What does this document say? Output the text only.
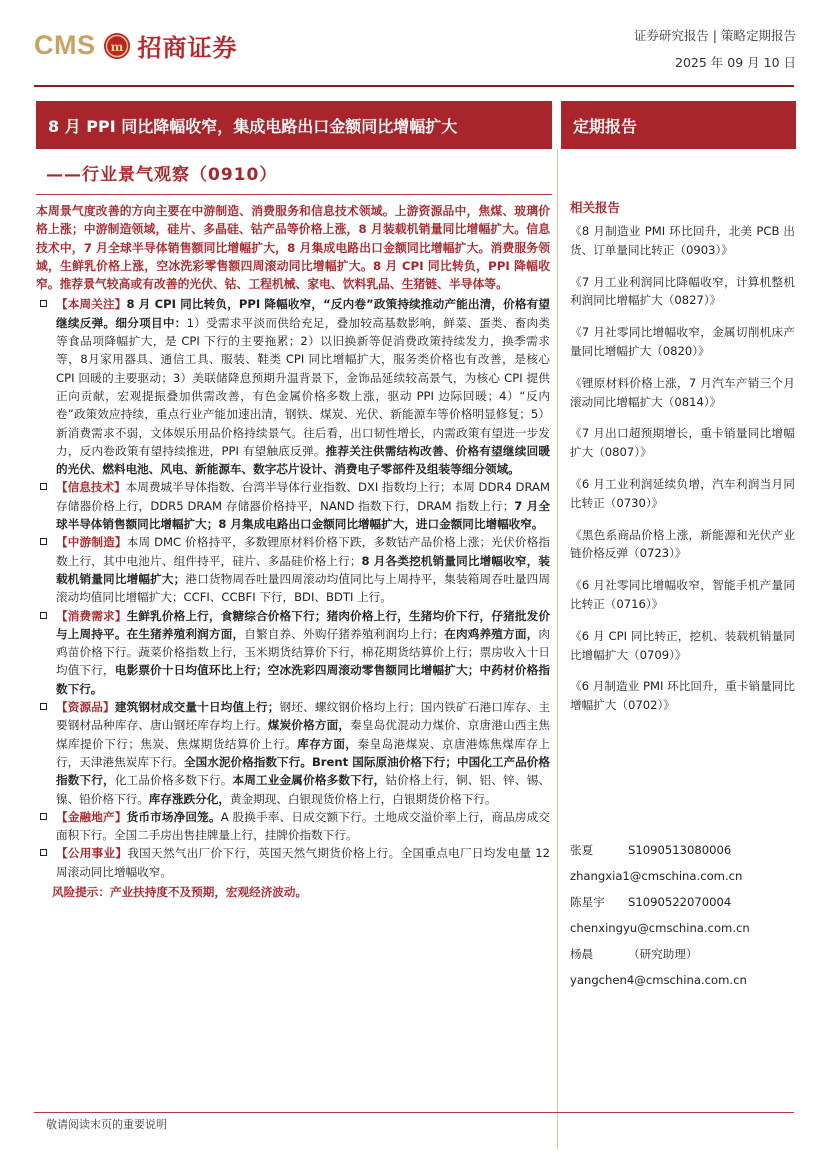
CMS m 招商证券	证券研究报告 | 策略定期报告
2025 年 09 月 10 日
8 月 PPI 同比降幅收窄，集成电路出口金额同比增幅扩大	定期报告
——行业景气观察（0910）

本周景气度改善的方向主要在中游制造、消费服务和信息技术领域。上游资源品中，焦煤、玻璃价格上涨；中游制造领域，硅片、多晶硅、钴产品等价格上涨，8 月装载机销量同比增幅扩大。信息技术中，7 月全球半导体销售额同比增幅扩大，8 月集成电路出口金额同比增幅扩大。消费服务领域，生鲜乳价格上涨，空冰洗彩零售额四周滚动同比增幅扩大。8 月 CPI 同比转负，PPI 降幅收窄。推荐景气较高或有改善的光伏、钴、工程机械、家电、饮料乳品、生猪链、半导体等。

【本周关注】8 月 CPI 同比转负，PPI 降幅收窄，“反内卷”政策持续推动产能出清，价格有望继续反弹。细分项目中：1）受需求平淡而供给充足，叠加较高基数影响，鲜菜、蛋类、畜肉类等食品项降幅扩大，是 CPI 下行的主要拖累；2）以旧换新等促消费政策持续发力，换季需求等，8月家用器具、通信工具、服装、鞋类 CPI 同比增幅扩大，服务类价格也有改善，是核心 CPI 回暖的主要驱动；3）美联储降息预期升温背景下，金饰品延续较高景气，为核心 CPI 提供正向贡献，宏观提振叠加供需改善，有色金属价格多数上涨，驱动 PPI 边际回暖；4）“反内卷”政策效应持续，重点行业产能加速出清，钢铁、煤炭、光伏、新能源车等价格明显修复；5）新消费需求不弱，文体娱乐用品价格持续景气。往后看，出口韧性增长，内需政策有望进一步发力，反内卷政策有望持续推进，PPI 有望触底反弹。推荐关注供需结构改善、价格有望继续回暖的光伏、燃料电池、风电、新能源车、数字芯片设计、消费电子零部件及组装等细分领域。

【信息技术】本周费城半导体指数、台湾半导体行业指数、DXI 指数均上行；本周 DDR4 DRAM 存储器价格上行，DDR5 DRAM 存储器价格持平，NAND 指数下行，DRAM 指数上行；7 月全球半导体销售额同比增幅扩大；8 月集成电路出口金额同比增幅扩大，进口金额同比增幅收窄。

【中游制造】本周 DMC 价格持平，多数锂原材料价格下跌，多数钴产品价格上涨；光伏价格指数上行，其中电池片、组件持平，硅片、多晶硅价格上行；8 月各类挖机销量同比增幅收窄，装载机销量同比增幅扩大；港口货物周吞吐量四周滚动均值同比与上周持平，集装箱周吞吐量四周滚动均值同比增幅扩大；CCFI、CCBFI 下行，BDI、BDTI 上行。

【消费需求】生鲜乳价格上行，食糖综合价格下行；猪肉价格上行，生猪均价下行，仔猪批发价与上周持平。在生猪养殖利润方面，自繁自养、外购仔猪养殖利润均上行；在肉鸡养殖方面，肉鸡苗价格下行。蔬菜价格指数上行，玉米期货结算价下行，棉花期货结算价上行；票房收入十日均值下行，电影票价十日均值环比上行；空冰洗彩四周滚动零售额同比增幅扩大；中药材价格指数下行。

【资源品】建筑钢材成交量十日均值上行；钢坯、螺纹钢价格均上行；国内铁矿石港口库存、主要钢材品种库存、唐山钢坯库存均上行。煤炭价格方面，秦皇岛优混动力煤价、京唐港山西主焦煤库提价下行；焦炭、焦煤期货结算价上行。库存方面，秦皇岛港煤炭、京唐港炼焦煤库存上行，天津港焦炭库下行。全国水泥价格指数下行。Brent 国际原油价格下行；中国化工产品价格指数下行，化工品价格多数下行。本周工业金属价格多数下行，钴价格上行，铜、铝、锌、锡、镍、铅价格下行。库存涨跌分化，黄金期现、白银现货价格上行，白银期货价格下行。

【金融地产】货币市场净回笼。A 股换手率、日成交额下行。土地成交溢价率上行，商品房成交面积下行。全国二手房出售挂牌量上行，挂牌价指数下行。

【公用事业】我国天然气出厂价下行，英国天然气期货价格上行。全国重点电厂日均发电量 12 周滚动同比增幅收窄。

风险提示：产业扶持度不及预期，宏观经济波动。

相关报告

《8 月制造业 PMI 环比回升，北美 PCB 出货、订单量同比转正（0903）》

《7 月工业利润同比降幅收窄，计算机整机利润同比增幅扩大（0827）》

《7 月社零同比增幅收窄，金属切削机床产量同比增幅扩大（0820）》

《锂原材料价格上涨，7 月汽车产销三个月滚动同比增幅扩大（0814）》

《7 月出口超预期增长，重卡销量同比增幅扩大（0807）》

《6 月工业利润延续负增，汽车利润当月同比转正（0730）》

《黑色系商品价格上涨，新能源和光伏产业链价格反弹（0723）》

《6 月社零同比增幅收窄，智能手机产量同比转正（0716）》

《6 月 CPI 同比转正，挖机、装载机销量同比增幅扩大（0709）》

《6 月制造业 PMI 环比回升，重卡销量同比增幅扩大（0702）》

张夏	S1090513080006
zhangxia1@cmschina.com.cn
陈星宇	S1090522070004
chenxingyu@cmschina.com.cn
杨晨	（研究助理）
yangchen4@cmschina.com.cn
敬请阅读末页的重要说明
